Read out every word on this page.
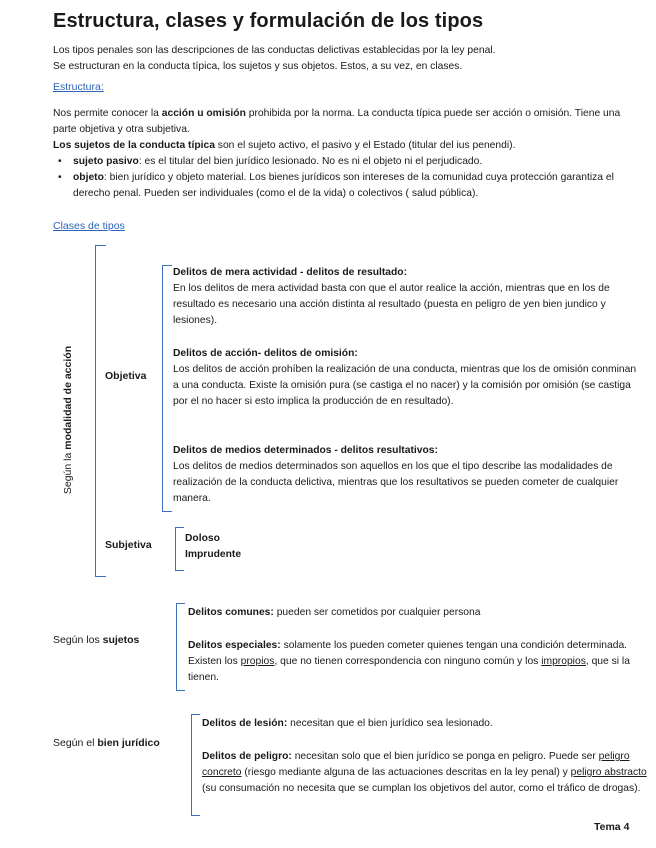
Estructura, clases y formulación de los tipos
Los tipos penales son las descripciones de las conductas delictivas establecidas por la ley penal.
Se estructuran en la conducta típica, los sujetos y sus objetos. Estos, a su vez, en clases.
Estructura:
Nos permite conocer la acción u omisión prohibida por la norma. La conducta típica puede ser acción o omisión. Tiene una parte objetiva y otra subjetiva.
Los sujetos de la conducta típica son el sujeto activo, el pasivo y el Estado (titular del ius penendi).
• sujeto pasivo: es el titular del bien jurídico lesionado. No es ni el objeto ni el perjudicado.
• objeto: bien jurídico y objeto material. Los bienes jurídicos son intereses de la comunidad cuya protección garantiza el derecho penal. Pueden ser individuales (como el de la vida) o colectivos ( salud pública).
Clases de tipos
Según la modalidad de acción	Objetiva
Delitos de mera actividad - delitos de resultado:
En los delitos de mera actividad basta con que el autor realice la acción, mientras que en los de resultado es necesario una acción distinta al resultado (puesta en peligro de yen bien jundico y lesiones).
Delitos de acción- delitos de omisión:
Los delitos de acción prohíben la realización de una conducta, mientras que los de omisión conminan a una conducta. Existe la omisión pura (se castiga el no nacer) y la comisión por omisión (se castiga por el no hacer si esto implica la producción de en resultado).
Delitos de medios determinados - delitos resultativos:
Los delitos de medios determinados son aquellos en los que el tipo describe las modalidades de realización de la conducta delictiva, mientras que los resultativos se pueden cometer de cualquier manera.
Subjetiva
Doloso
Imprudente
Según los sujetos
Delitos comunes: pueden ser cometidos por cualquier persona
Delitos especiales: solamente los pueden cometer quienes tengan una condición determinada. Existen los propios, que no tienen correspondencia con ninguno común y los impropios, que si la tienen.
Según el bien jurídico
Delitos de lesión: necesitan que el bien jurídico sea lesionado.
Delitos de peligro: necesitan solo que el bien jurídico se ponga en peligro. Puede ser peligro concreto (riesgo mediante alguna de las actuaciones descritas en la ley penal) y peligro abstracto (su consumación no necesita que se cumplan los objetivos del autor, como el tráfico de drogas).
Tema 4
